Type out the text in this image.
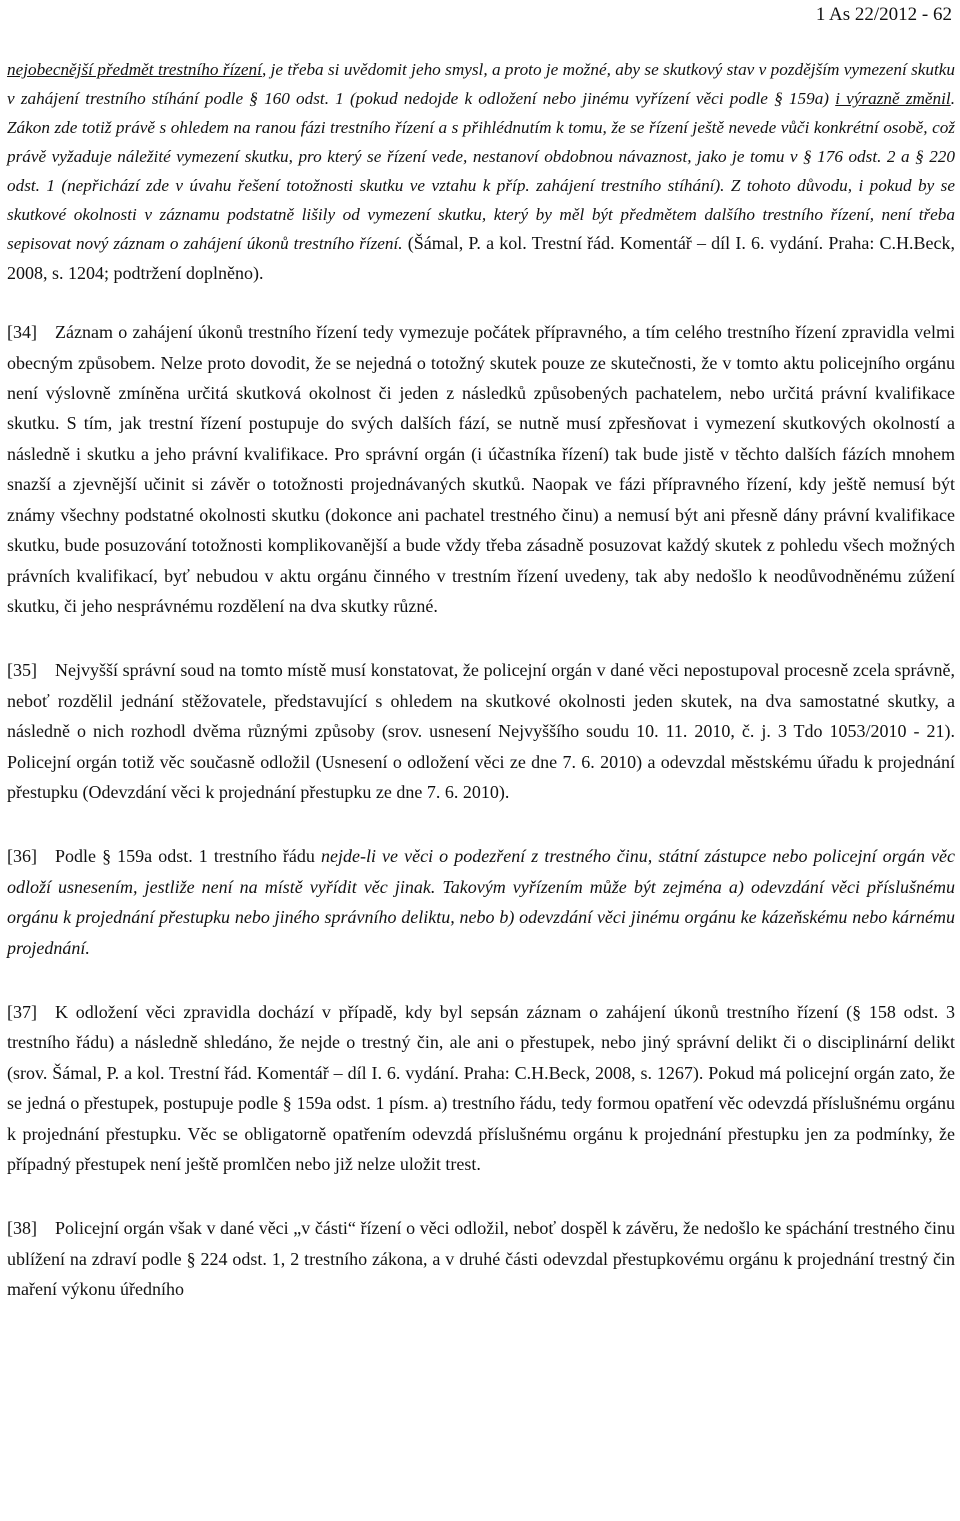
1 As 22/2012 - 62

nejobecnější předmět trestního řízení, je třeba si uvědomit jeho smysl, a proto je možné, aby se skutkový stav v pozdějším vymezení skutku v zahájení trestního stíhání podle § 160 odst. 1 (pokud nedojde k odložení nebo jinému vyřízení věci podle § 159a) i výrazně změnil. Zákon zde totiž právě s ohledem na ranou fázi trestního řízení a s přihlédnutím k tomu, že se řízení ještě nevede vůči konkrétní osobě, což právě vyžaduje náležité vymezení skutku, pro který se řízení vede, nestanoví obdobnou návaznost, jako je tomu v § 176 odst. 2 a § 220 odst. 1 (nepřichází zde v úvahu řešení totožnosti skutku ve vztahu k příp. zahájení trestního stíhání). Z tohoto důvodu, i pokud by se skutkové okolnosti v záznamu podstatně lišily od vymezení skutku, který by měl být předmětem dalšího trestního řízení, není třeba sepisovat nový záznam o zahájení úkonů trestního řízení. (Šámal, P. a kol. Trestní řád. Komentář – díl I. 6. vydání. Praha: C.H.Beck, 2008, s. 1204; podtržení doplněno).

[34] Záznam o zahájení úkonů trestního řízení tedy vymezuje počátek přípravného, a tím celého trestního řízení zpravidla velmi obecným způsobem. Nelze proto dovodit, že se nejedná o totožný skutek pouze ze skutečnosti, že v tomto aktu policejního orgánu není výslovně zmíněna určitá skutková okolnost či jeden z následků způsobených pachatelem, nebo určitá právní kvalifikace skutku. S tím, jak trestní řízení postupuje do svých dalších fází, se nutně musí zpřesňovat i vymezení skutkových okolností a následně i skutku a jeho právní kvalifikace. Pro správní orgán (i účastníka řízení) tak bude jistě v těchto dalších fázích mnohem snazší a zjevnější učinit si závěr o totožnosti projednávaných skutků. Naopak ve fázi přípravného řízení, kdy ještě nemusí být známy všechny podstatné okolnosti skutku (dokonce ani pachatel trestného činu) a nemusí být ani přesně dány právní kvalifikace skutku, bude posuzování totožnosti komplikovanější a bude vždy třeba zásadně posuzovat každý skutek z pohledu všech možných právních kvalifikací, byť nebudou v aktu orgánu činného v trestním řízení uvedeny, tak aby nedošlo k neodůvodněnému zúžení skutku, či jeho nesprávnému rozdělení na dva skutky různé.

[35] Nejvyšší správní soud na tomto místě musí konstatovat, že policejní orgán v dané věci nepostupoval procesně zcela správně, neboť rozdělil jednání stěžovatele, představující s ohledem na skutkové okolnosti jeden skutek, na dva samostatné skutky, a následně o nich rozhodl dvěma různými způsoby (srov. usnesení Nejvyššího soudu 10. 11. 2010, č. j. 3 Tdo 1053/2010 - 21). Policejní orgán totiž věc současně odložil (Usnesení o odložení věci ze dne 7. 6. 2010) a odevzdal městskému úřadu k projednání přestupku (Odevzdání věci k projednání přestupku ze dne 7. 6. 2010).

[36] Podle § 159a odst. 1 trestního řádu nejde-li ve věci o podezření z trestného činu, státní zástupce nebo policejní orgán věc odloží usnesením, jestliže není na místě vyřídit věc jinak. Takovým vyřízením může být zejména a) odevzdání věci příslušnému orgánu k projednání přestupku nebo jiného správního deliktu, nebo b) odevzdání věci jinému orgánu ke kázeňskému nebo kárnému projednání.

[37] K odložení věci zpravidla dochází v případě, kdy byl sepsán záznam o zahájení úkonů trestního řízení (§ 158 odst. 3 trestního řádu) a následně shledáno, že nejde o trestný čin, ale ani o přestupek, nebo jiný správní delikt či o disciplinární delikt (srov. Šámal, P. a kol. Trestní řád. Komentář – díl I. 6. vydání. Praha: C.H.Beck, 2008, s. 1267). Pokud má policejní orgán zato, že se jedná o přestupek, postupuje podle § 159a odst. 1 písm. a) trestního řádu, tedy formou opatření věc odevzdá příslušnému orgánu k projednání přestupku. Věc se obligatorně opatřením odevzdá příslušnému orgánu k projednání přestupku jen za podmínky, že případný přestupek není ještě promlčen nebo již nelze uložit trest.

[38] Policejní orgán však v dané věci „v části“ řízení o věci odložil, neboť dospěl k závěru, že nedošlo ke spáchání trestného činu ublížení na zdraví podle § 224 odst. 1, 2 trestního zákona, a v druhé části odevzdal přestupkovému orgánu k projednání trestný čin maření výkonu úředního
